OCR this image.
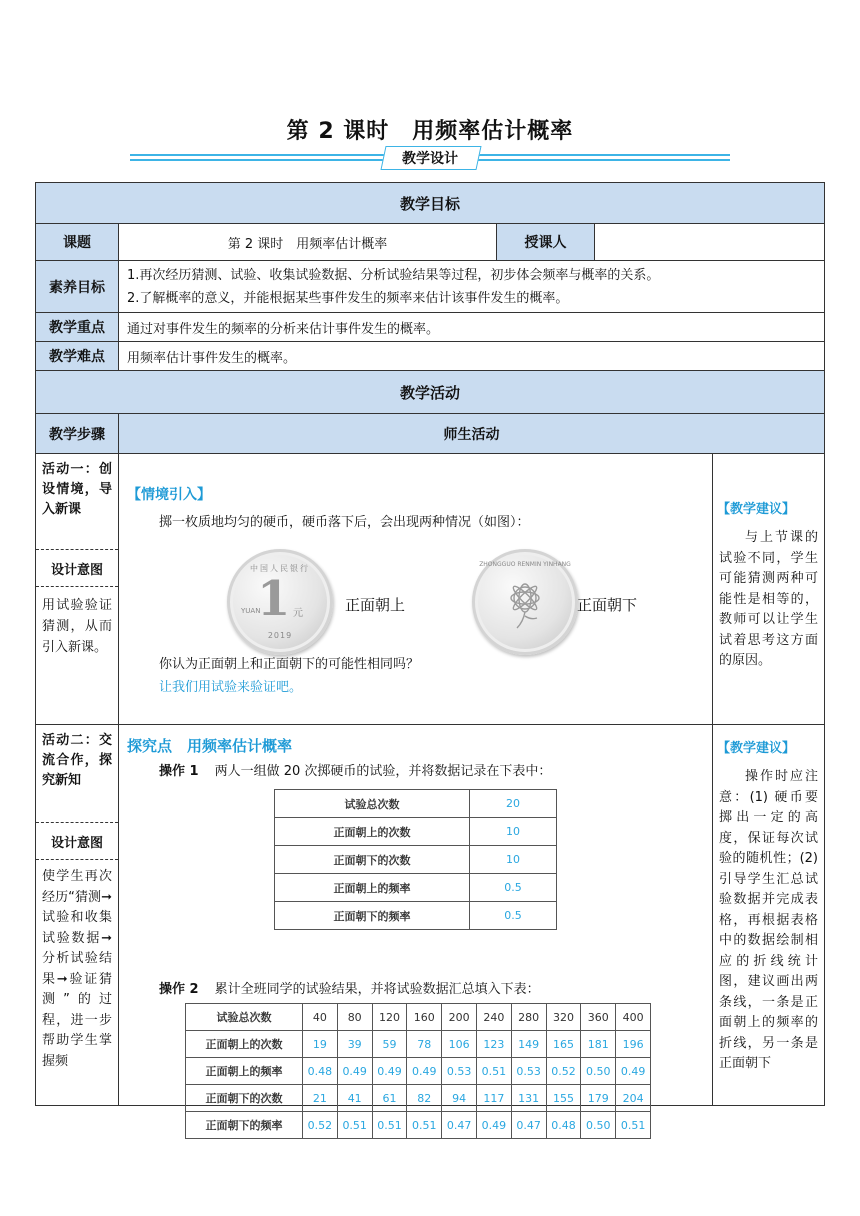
第 2 课时　用频率估计概率
教学设计
教学目标
课题	第 2 课时　用频率估计概率	授课人
素养目标
1.再次经历猜测、试验、收集试验数据、分析试验结果等过程，初步体会频率与概率的关系。
2.了解概率的意义，并能根据某些事件发生的频率来估计该事件发生的概率。
教学重点	通过对事件发生的频率的分析来估计事件发生的概率。
教学难点	用频率估计事件发生的概率。
教学活动
教学步骤	师生活动
活动一：创设情境，导入新课
设计意图
用试验验证猜测，从而引入新课。
【情境引入】
掷一枚质地均匀的硬币，硬币落下后，会出现两种情况（如图）：
中国人民银行
1 元
YUAN
2019
正面朝上
ZHONGGUO RENMIN YINHANG
正面朝下
你认为正面朝上和正面朝下的可能性相同吗？
让我们用试验来验证吧。
【教学建议】
与上节课的试验不同，学生可能猜测两种可能性是相等的，教师可以让学生试着思考这方面的原因。
活动二：交流合作，探究新知
设计意图
使学生再次经历“猜测➞试验和收集试验数据➞分析试验结果➞验证猜测”的过程，进一步帮助学生掌握频
探究点　用频率估计概率
操作 1 两人一组做 20 次掷硬币的试验，并将数据记录在下表中：
试验总次数	20
正面朝上的次数	10
正面朝下的次数	10
正面朝上的频率	0.5
正面朝下的频率	0.5
操作 2 累计全班同学的试验结果，并将试验数据汇总填入下表：
试验总次数	40	80	120	160	200	240	280	320	360	400
正面朝上的次数	19	39	59	78	106	123	149	165	181	196
正面朝上的频率	0.48	0.49	0.49	0.49	0.53	0.51	0.53	0.52	0.50	0.49
正面朝下的次数	21	41	61	82	94	117	131	155	179	204
正面朝下的频率	0.52	0.51	0.51	0.51	0.47	0.49	0.47	0.48	0.50	0.51
【教学建议】
操作时应注意：(1) 硬币要掷出一定的高度，保证每次试验的随机性；(2) 引导学生汇总试验数据并完成表格，再根据表格中的数据绘制相应的折线统计图，建议画出两条线，一条是正面朝上的频率的折线，另一条是正面朝下
